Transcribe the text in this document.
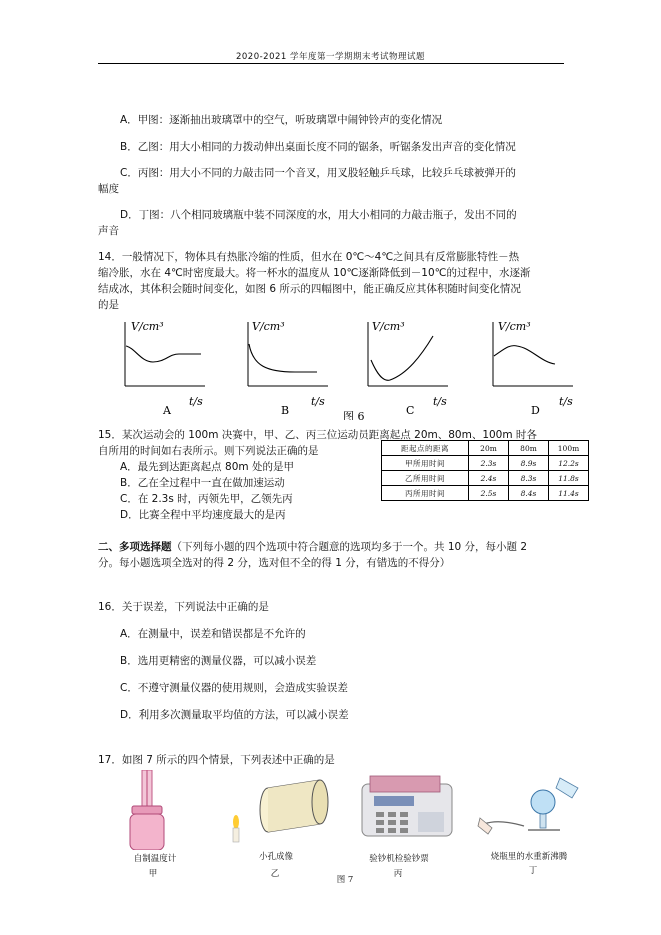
2020-2021 学年度第一学期期末考试物理试题
A．甲图：逐渐抽出玻璃罩中的空气，听玻璃罩中闹钟铃声的变化情况
B．乙图：用大小相同的力拨动伸出桌面长度不同的锯条，听锯条发出声音的变化情况
C．丙图：用大小不同的力敲击同一个音叉，用叉股轻触乒乓球，比较乒乓球被弹开的
幅度
D．丁图：八个相同玻璃瓶中装不同深度的水，用大小相同的力敲击瓶子，发出不同的
声音
14．一般情况下，物体具有热胀冷缩的性质，但水在 0℃～4℃之间具有反常膨胀特性－热
缩冷胀，水在 4℃时密度最大。将一杯水的温度从 10℃逐渐降低到－10℃的过程中，水逐渐
结成冰，其体积会随时间变化，如图 6 所示的四幅图中，能正确反应其体积随时间变化情况
的是
V/cm³
t/s
A
V/cm³
t/s
B
V/cm³
t/s
C
V/cm³
t/s
D
图 6
15．某次运动会的 100m 决赛中，甲、乙、丙三位运动员距离起点 20m、80m、100m 时各
自所用的时间如右表所示。则下列说法正确的是
A．最先到达距离起点 80m 处的是甲
B．乙在全过程中一直在做加速运动
C．在 2.3s 时，丙领先甲，乙领先丙
D．比赛全程中平均速度最大的是丙
距起点的距离	20m	80m	100m
甲所用时间	2.3s	8.9s	12.2s
乙所用时间	2.4s	8.3s	11.8s
丙所用时间	2.5s	8.4s	11.4s
二、多项选择题（下列每小题的四个选项中符合题意的选项均多于一个。共 10 分，每小题 2
分。每小题选项全选对的得 2 分，选对但不全的得 1 分，有错选的不得分）
16．关于误差，下列说法中正确的是
A．在测量中，误差和错误都是不允许的
B．选用更精密的测量仪器，可以减小误差
C．不遵守测量仪器的使用规则，会造成实验误差
D．利用多次测量取平均值的方法，可以减小误差
17．如图 7 所示的四个情景，下列表述中正确的是
自制温度计	小孔成像	验钞机检验钞票	烧瓶里的水重新沸腾
甲	乙	丙	丁
图 7
